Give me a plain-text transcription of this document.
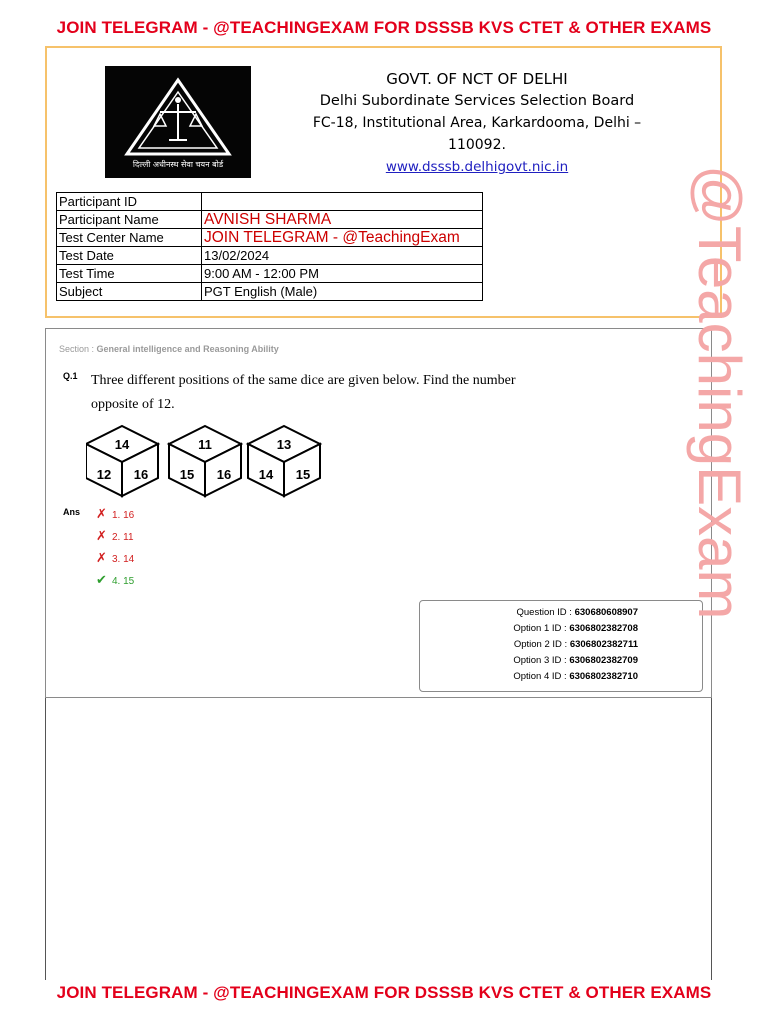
JOIN TELEGRAM - @TEACHINGEXAM FOR DSSSB KVS CTET & OTHER EXAMS
दिल्ली अधीनस्थ सेवा चयन बोर्ड
GOVT. OF NCT OF DELHI
Delhi Subordinate Services Selection Board
FC-18, Institutional Area, Karkardooma, Delhi – 110092.
www.dsssb.delhigovt.nic.in
Participant ID	
Participant Name	AVNISH SHARMA
Test Center Name	JOIN TELEGRAM - @TeachingExam
Test Date	13/02/2024
Test Time	9:00 AM - 12:00 PM
Subject	PGT English (Male)
Section : General intelligence and Reasoning Ability
Q.1 Three different positions of the same dice are given below. Find the number opposite of 12.
14
12 16
11
15 16
13
14 15
Ans ✗ 1. 16
✗ 2. 11
✗ 3. 14
✔ 4. 15
Question ID : 630680608907
Option 1 ID : 6306802382708
Option 2 ID : 6306802382711
Option 3 ID : 6306802382709
Option 4 ID : 6306802382710
@TeachingExam
JOIN TELEGRAM - @TEACHINGEXAM FOR DSSSB KVS CTET & OTHER EXAMS
